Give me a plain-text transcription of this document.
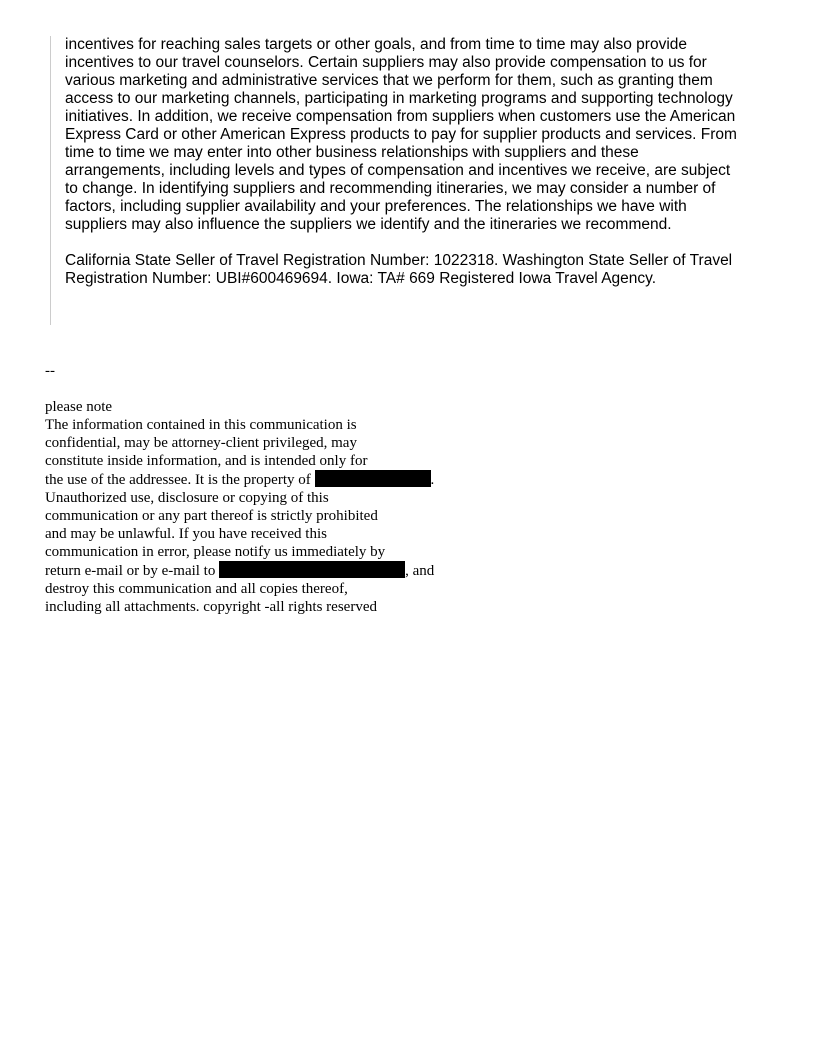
incentives for reaching sales targets or other goals, and from time to time may also provide
incentives to our travel counselors. Certain suppliers may also provide compensation to us for
various marketing and administrative services that we perform for them, such as granting them
access to our marketing channels, participating in marketing programs and supporting technology
initiatives. In addition, we receive compensation from suppliers when customers use the American
Express Card or other American Express products to pay for supplier products and services. From
time to time we may enter into other business relationships with suppliers and these
arrangements, including levels and types of compensation and incentives we receive, are subject
to change. In identifying suppliers and recommending itineraries, we may consider a number of
factors, including supplier availability and your preferences. The relationships we have with
suppliers may also influence the suppliers we identify and the itineraries we recommend.

California State Seller of Travel Registration Number: 1022318. Washington State Seller of Travel
Registration Number: UBI#600469694. Iowa: TA# 669 Registered Iowa Travel Agency.

--
please note
The information contained in this communication is
confidential, may be attorney-client privileged, may
constitute inside information, and is intended only for
the use of the addressee. It is the property of	.
Unauthorized use, disclosure or copying of this
communication or any part thereof is strictly prohibited
and may be unlawful. If you have received this
communication in error, please notify us immediately by
return e-mail or by e-mail to	, and
destroy this communication and all copies thereof,
including all attachments. copyright -all rights reserved
